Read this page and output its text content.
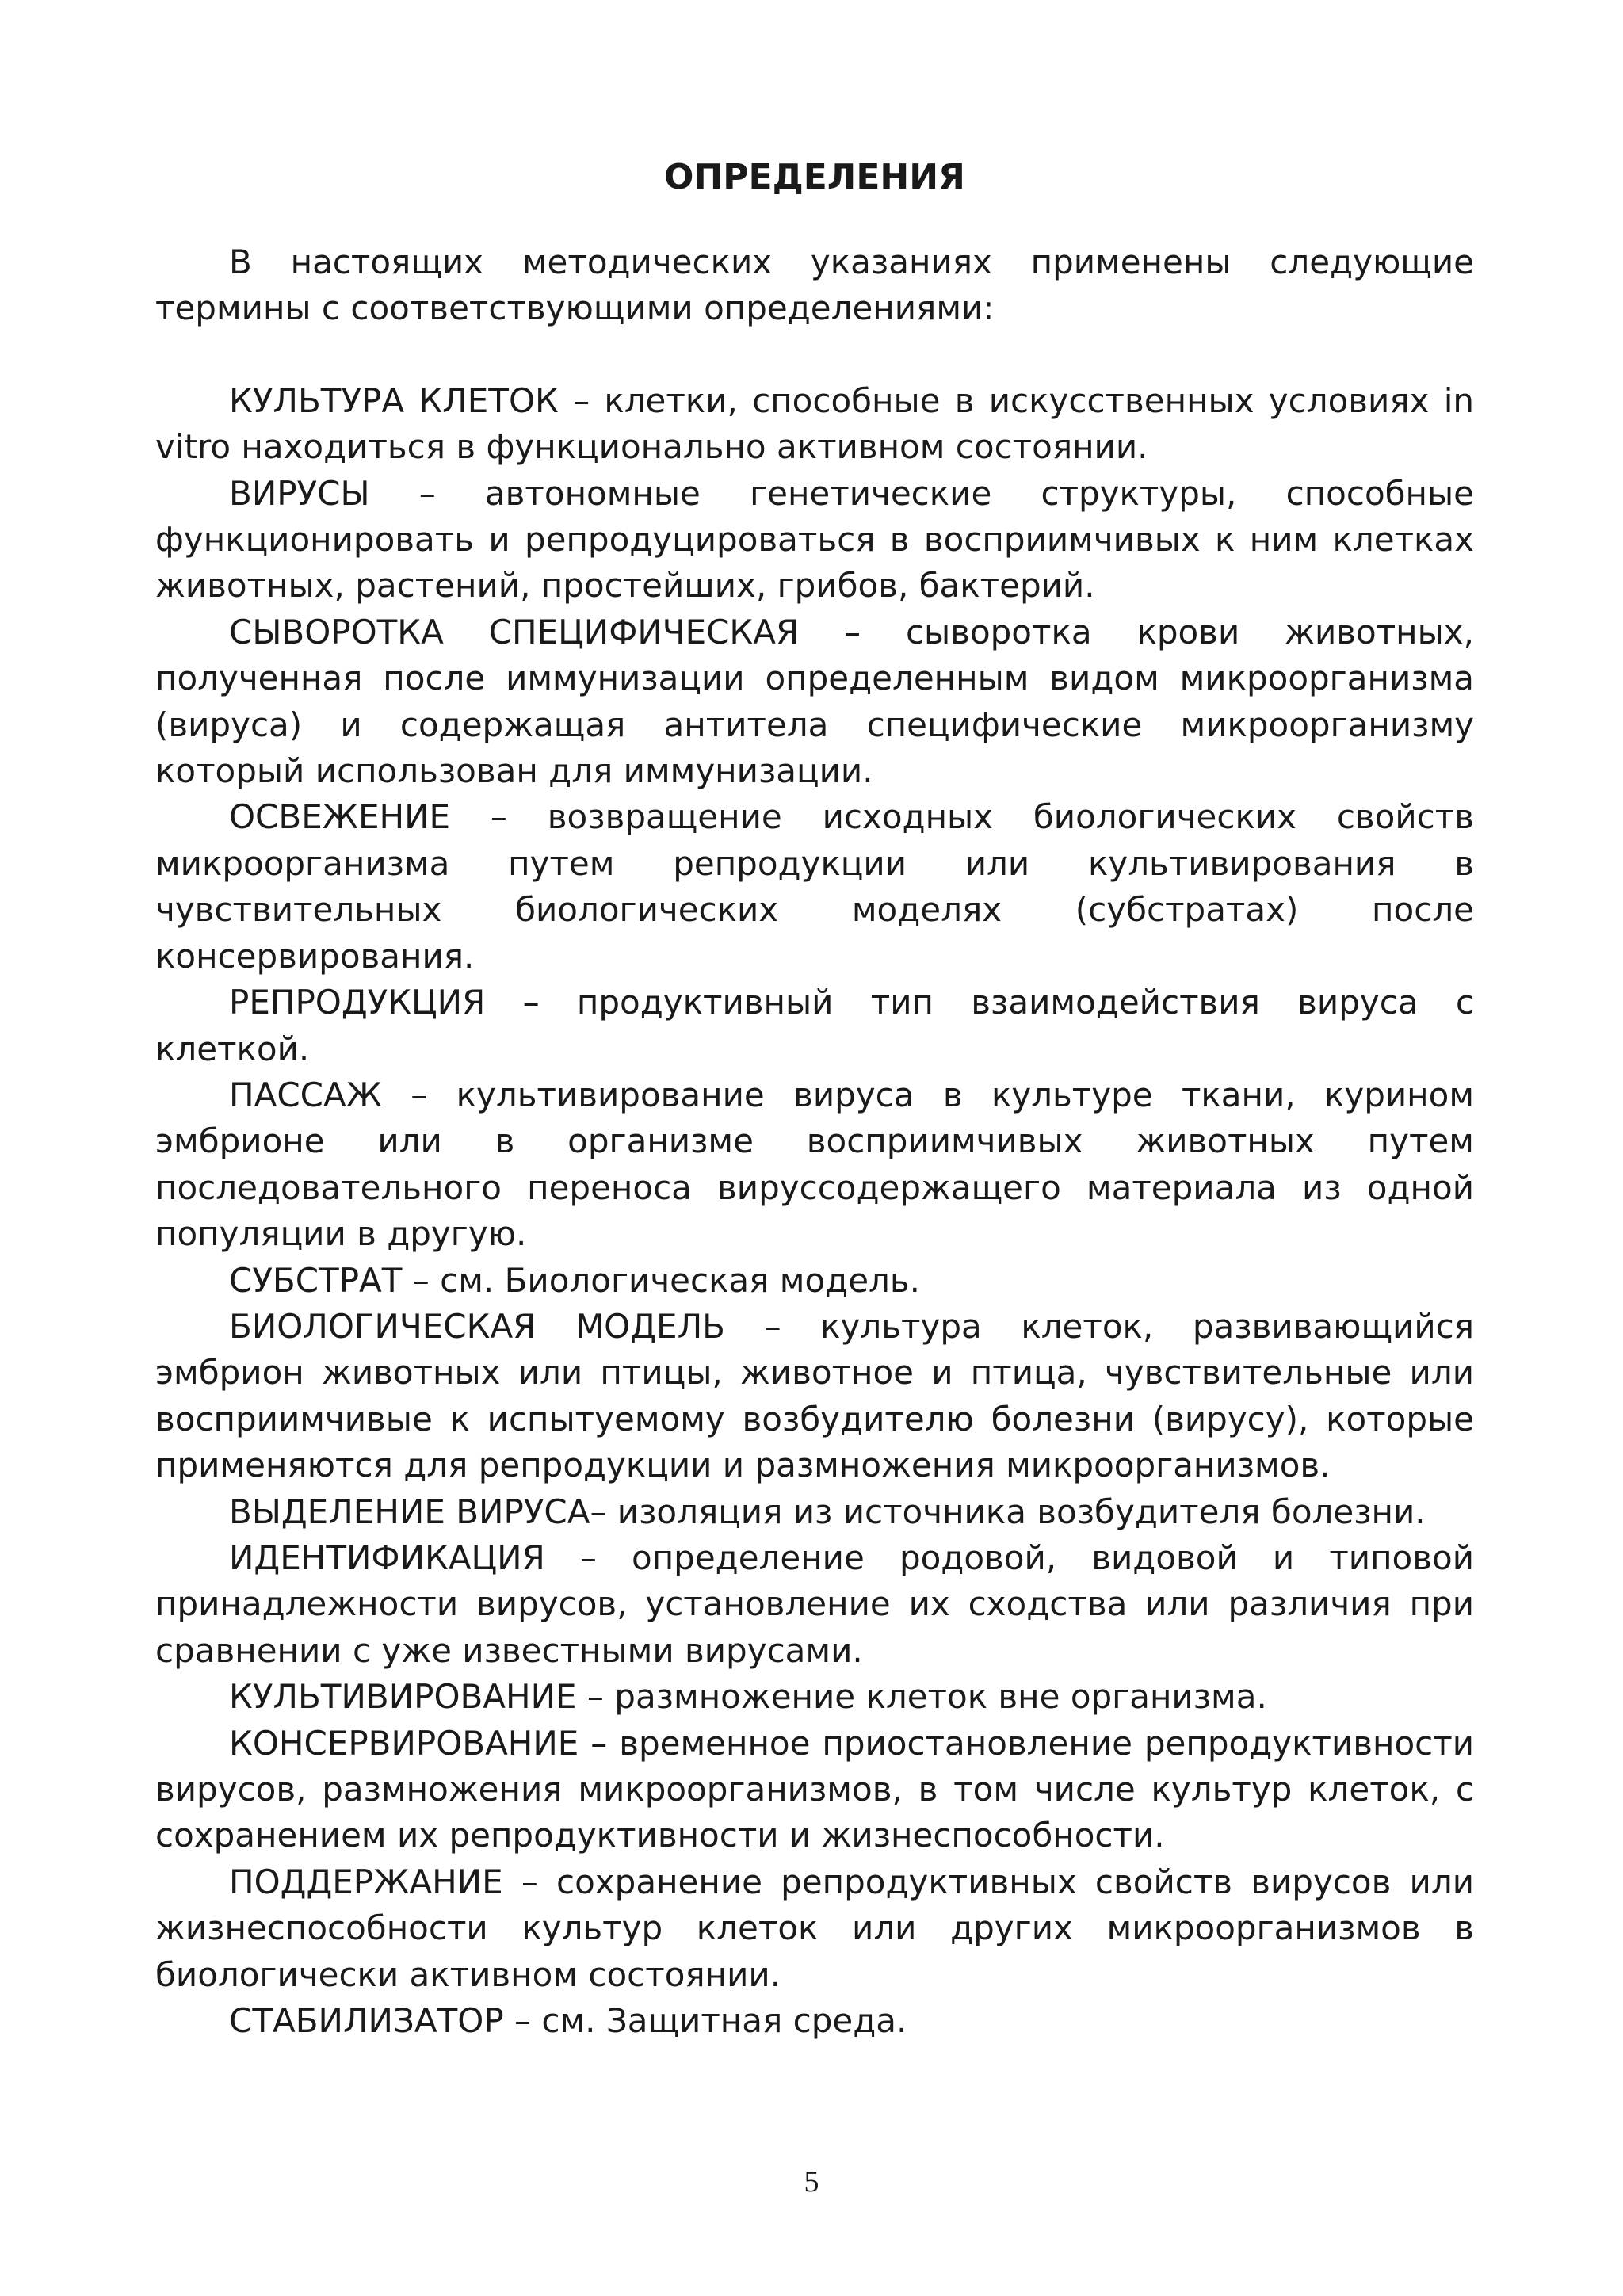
ОПРЕДЕЛЕНИЯ

В настоящих методических указаниях применены следующие термины с соответствующими определениями:

КУЛЬТУРА КЛЕТОК – клетки, способные в искусственных условиях in vitro находиться в функционально активном состоянии.

ВИРУСЫ – автономные генетические структуры, способные функционировать и репродуцироваться в восприимчивых к ним клетках животных, растений, простейших, грибов, бактерий.

СЫВОРОТКА СПЕЦИФИЧЕСКАЯ – сыворотка крови животных, полученная после иммунизации определенным видом микроорганизма (вируса) и содержащая антитела специфические микроорганизму который использован для иммунизации.

ОСВЕЖЕНИЕ – возвращение исходных биологических свойств микроорганизма путем репродукции или культивирования в чувствительных биологических моделях (субстратах) после консервирования.

РЕПРОДУКЦИЯ – продуктивный тип взаимодействия вируса с клеткой.

ПАССАЖ – культивирование вируса в культуре ткани, курином эмбрионе или в организме восприимчивых животных путем последовательного переноса вируссодержащего материала из одной популяции в другую.

СУБСТРАТ – см. Биологическая модель.

БИОЛОГИЧЕСКАЯ МОДЕЛЬ – культура клеток, развивающийся эмбрион животных или птицы, животное и птица, чувствительные или восприимчивые к испытуемому возбудителю болезни (вирусу), которые применяются для репродукции и размножения микроорганизмов.

ВЫДЕЛЕНИЕ ВИРУСА– изоляция из источника возбудителя болезни.

ИДЕНТИФИКАЦИЯ – определение родовой, видовой и типовой принадлежности вирусов, установление их сходства или различия при сравнении с уже известными вирусами.

КУЛЬТИВИРОВАНИЕ – размножение клеток вне организма.

КОНСЕРВИРОВАНИЕ – временное приостановление репродуктивности вирусов, размножения микроорганизмов, в том числе культур клеток, с сохранением их репродуктивности и жизнеспособности.

ПОДДЕРЖАНИЕ – сохранение репродуктивных свойств вирусов или жизнеспособности культур клеток или других микроорганизмов в биологически активном состоянии.

СТАБИЛИЗАТОР – см. Защитная среда.

5
